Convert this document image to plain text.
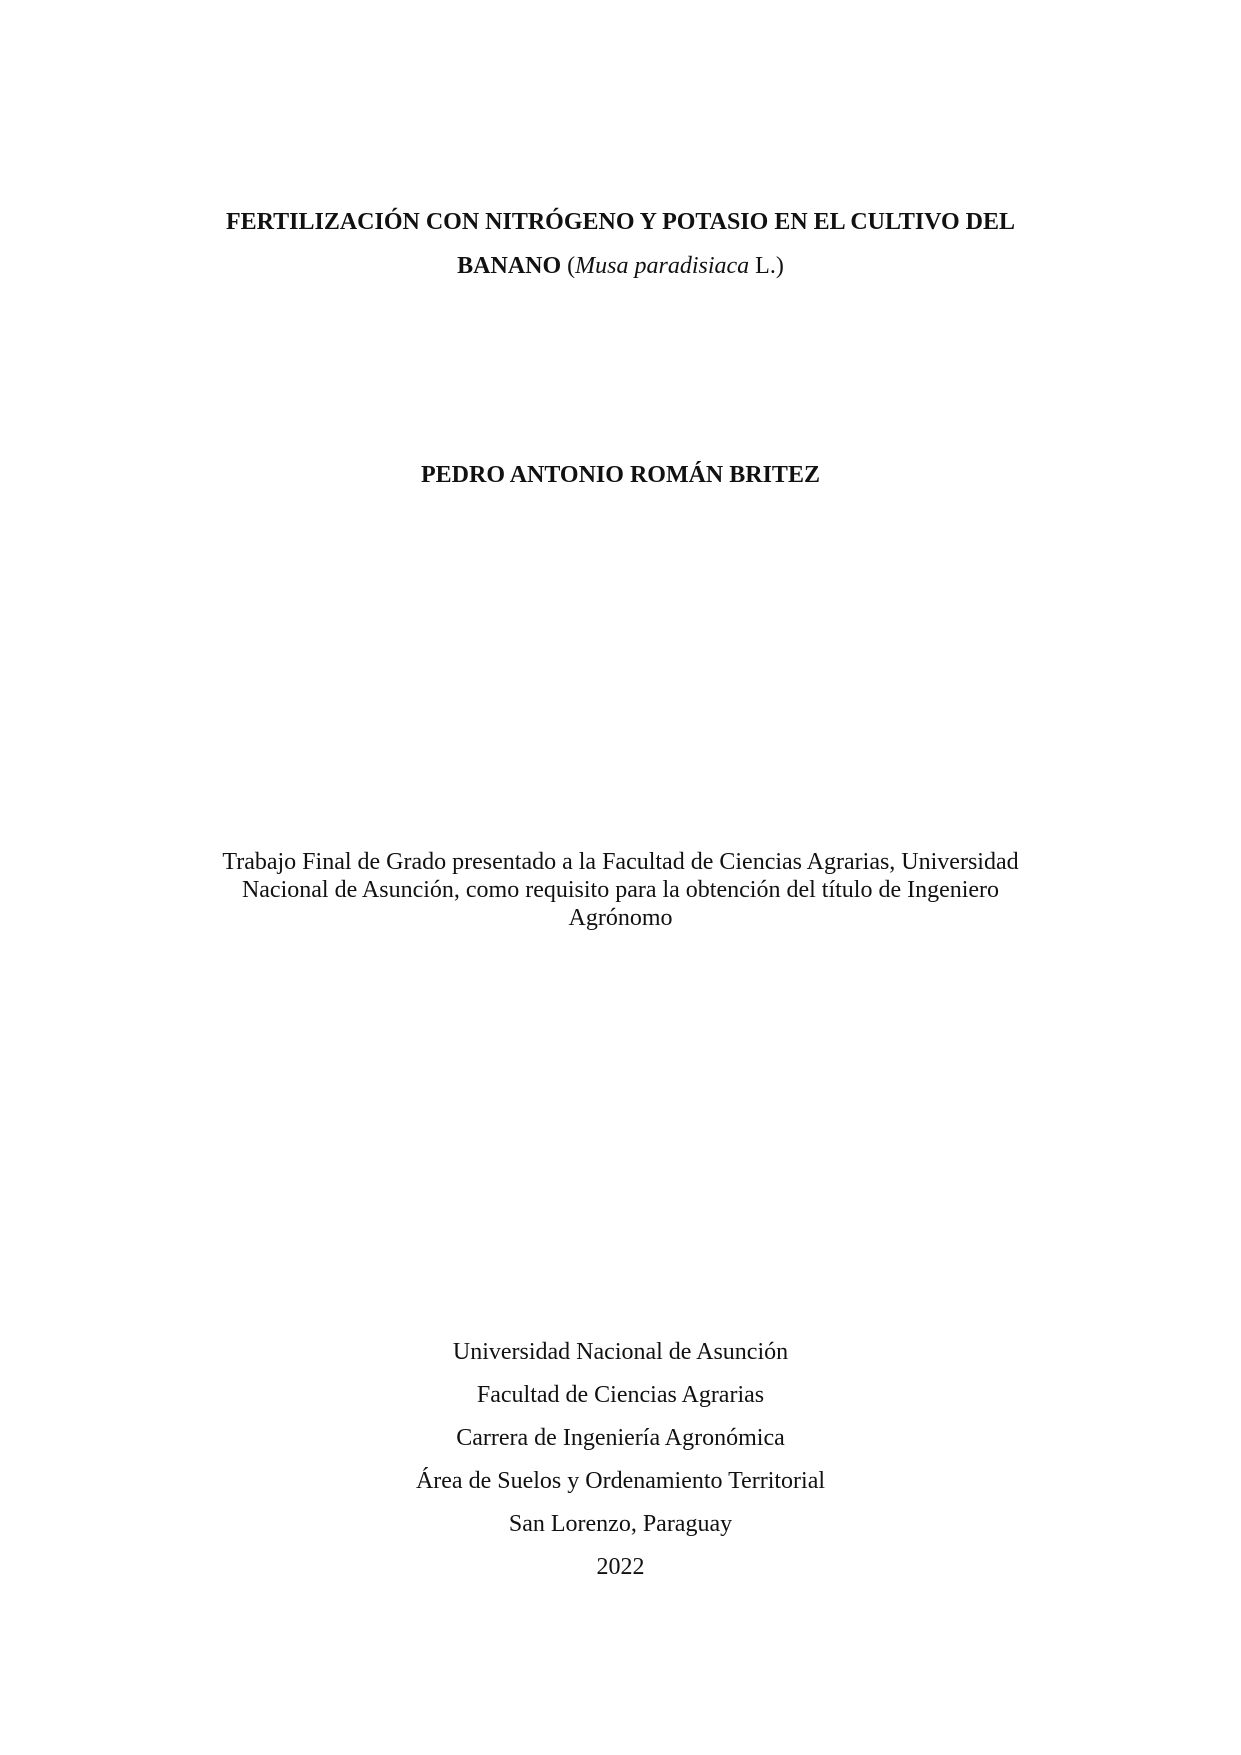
FERTILIZACIÓN CON NITRÓGENO Y POTASIO EN EL CULTIVO DEL
BANANO (Musa paradisiaca L.)

PEDRO ANTONIO ROMÁN BRITEZ

Trabajo Final de Grado presentado a la Facultad de Ciencias Agrarias, Universidad
Nacional de Asunción, como requisito para la obtención del título de Ingeniero
Agrónomo

Universidad Nacional de Asunción
Facultad de Ciencias Agrarias
Carrera de Ingeniería Agronómica
Área de Suelos y Ordenamiento Territorial
San Lorenzo, Paraguay
2022
